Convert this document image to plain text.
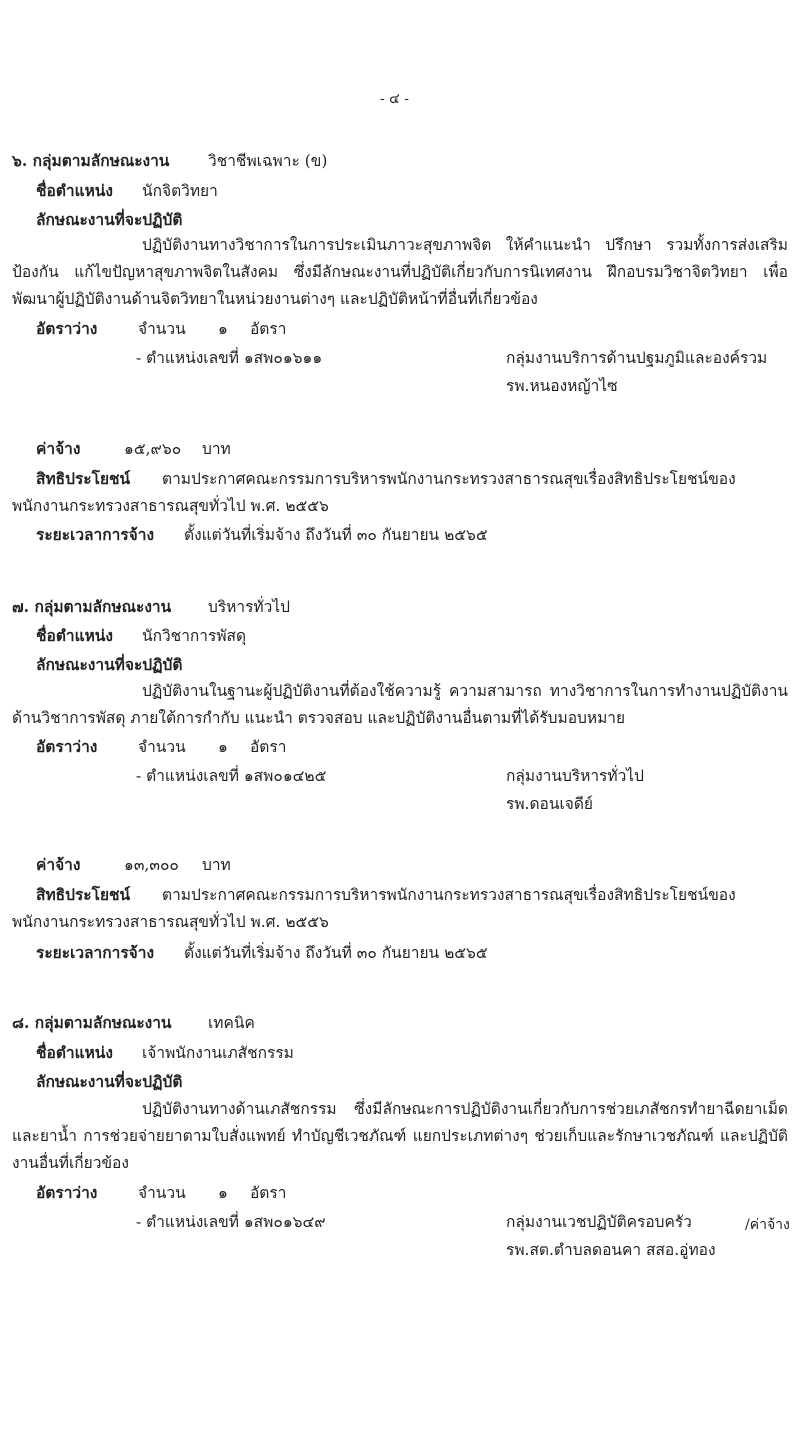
- ๔ -
๖. กลุ่มตามลักษณะงาน วิชาชีพเฉพาะ (ข)
ชื่อตำแหน่ง นักจิตวิทยา
ลักษณะงานที่จะปฏิบัติ
ปฏิบัติงานทางวิชาการในการประเมินภาวะสุขภาพจิต ให้คำแนะนำ ปรึกษา รวมทั้งการส่งเสริมป้องกัน แก้ไขปัญหาสุขภาพจิตในสังคม ซึ่งมีลักษณะงานที่ปฏิบัติเกี่ยวกับการนิเทศงาน ฝึกอบรมวิชาจิตวิทยา เพื่อพัฒนาผู้ปฏิบัติงานด้านจิตวิทยาในหน่วยงานต่างๆ และปฏิบัติหน้าที่อื่นที่เกี่ยวข้อง
อัตราว่าง	จำนวน ๑ อัตรา
- ตำแหน่งเลขที่ ๑สพ๐๑๖๑๑	กลุ่มงานบริการด้านปฐมภูมิและองค์รวม
รพ.หนองหญ้าไซ
ค่าจ้าง	๑๕,๙๖๐ บาท
สิทธิประโยชน์	ตามประกาศคณะกรรมการบริหารพนักงานกระทรวงสาธารณสุขเรื่องสิทธิประโยชน์ของพนักงานกระทรวงสาธารณสุขทั่วไป พ.ศ. ๒๕๕๖
ระยะเวลาการจ้าง ตั้งแต่วันที่เริ่มจ้าง ถึงวันที่ ๓๐ กันยายน ๒๕๖๕
๗. กลุ่มตามลักษณะงาน บริหารทั่วไป
ชื่อตำแหน่ง นักวิชาการพัสดุ
ลักษณะงานที่จะปฏิบัติ
ปฏิบัติงานในฐานะผู้ปฏิบัติงานที่ต้องใช้ความรู้ ความสามารถ ทางวิชาการในการทำงานปฏิบัติงานด้านวิชาการพัสดุ ภายใต้การกำกับ แนะนำ ตรวจสอบ และปฏิบัติงานอื่นตามที่ได้รับมอบหมาย
อัตราว่าง	จำนวน ๑ อัตรา
- ตำแหน่งเลขที่ ๑สพ๐๑๔๒๕	กลุ่มงานบริหารทั่วไป
รพ.ดอนเจดีย์
ค่าจ้าง	๑๓,๓๐๐ บาท
สิทธิประโยชน์	ตามประกาศคณะกรรมการบริหารพนักงานกระทรวงสาธารณสุขเรื่องสิทธิประโยชน์ของพนักงานกระทรวงสาธารณสุขทั่วไป พ.ศ. ๒๕๕๖
ระยะเวลาการจ้าง ตั้งแต่วันที่เริ่มจ้าง ถึงวันที่ ๓๐ กันยายน ๒๕๖๕
๘. กลุ่มตามลักษณะงาน เทคนิค
ชื่อตำแหน่ง เจ้าพนักงานเภสัชกรรม
ลักษณะงานที่จะปฏิบัติ
ปฏิบัติงานทางด้านเภสัชกรรม ซึ่งมีลักษณะการปฏิบัติงานเกี่ยวกับการช่วยเภสัชกรทำยาฉีดยาเม็ด และยาน้ำ การช่วยจ่ายยาตามใบสั่งแพทย์ ทำบัญชีเวชภัณฑ์ แยกประเภทต่างๆ ช่วยเก็บและรักษาเวชภัณฑ์ และปฏิบัติงานอื่นที่เกี่ยวข้อง
อัตราว่าง	จำนวน ๑ อัตรา
- ตำแหน่งเลขที่ ๑สพ๐๑๖๔๙	กลุ่มงานเวชปฏิบัติครอบครัว
รพ.สต.ตำบลดอนคา สสอ.อู่ทอง
/ค่าจ้าง
